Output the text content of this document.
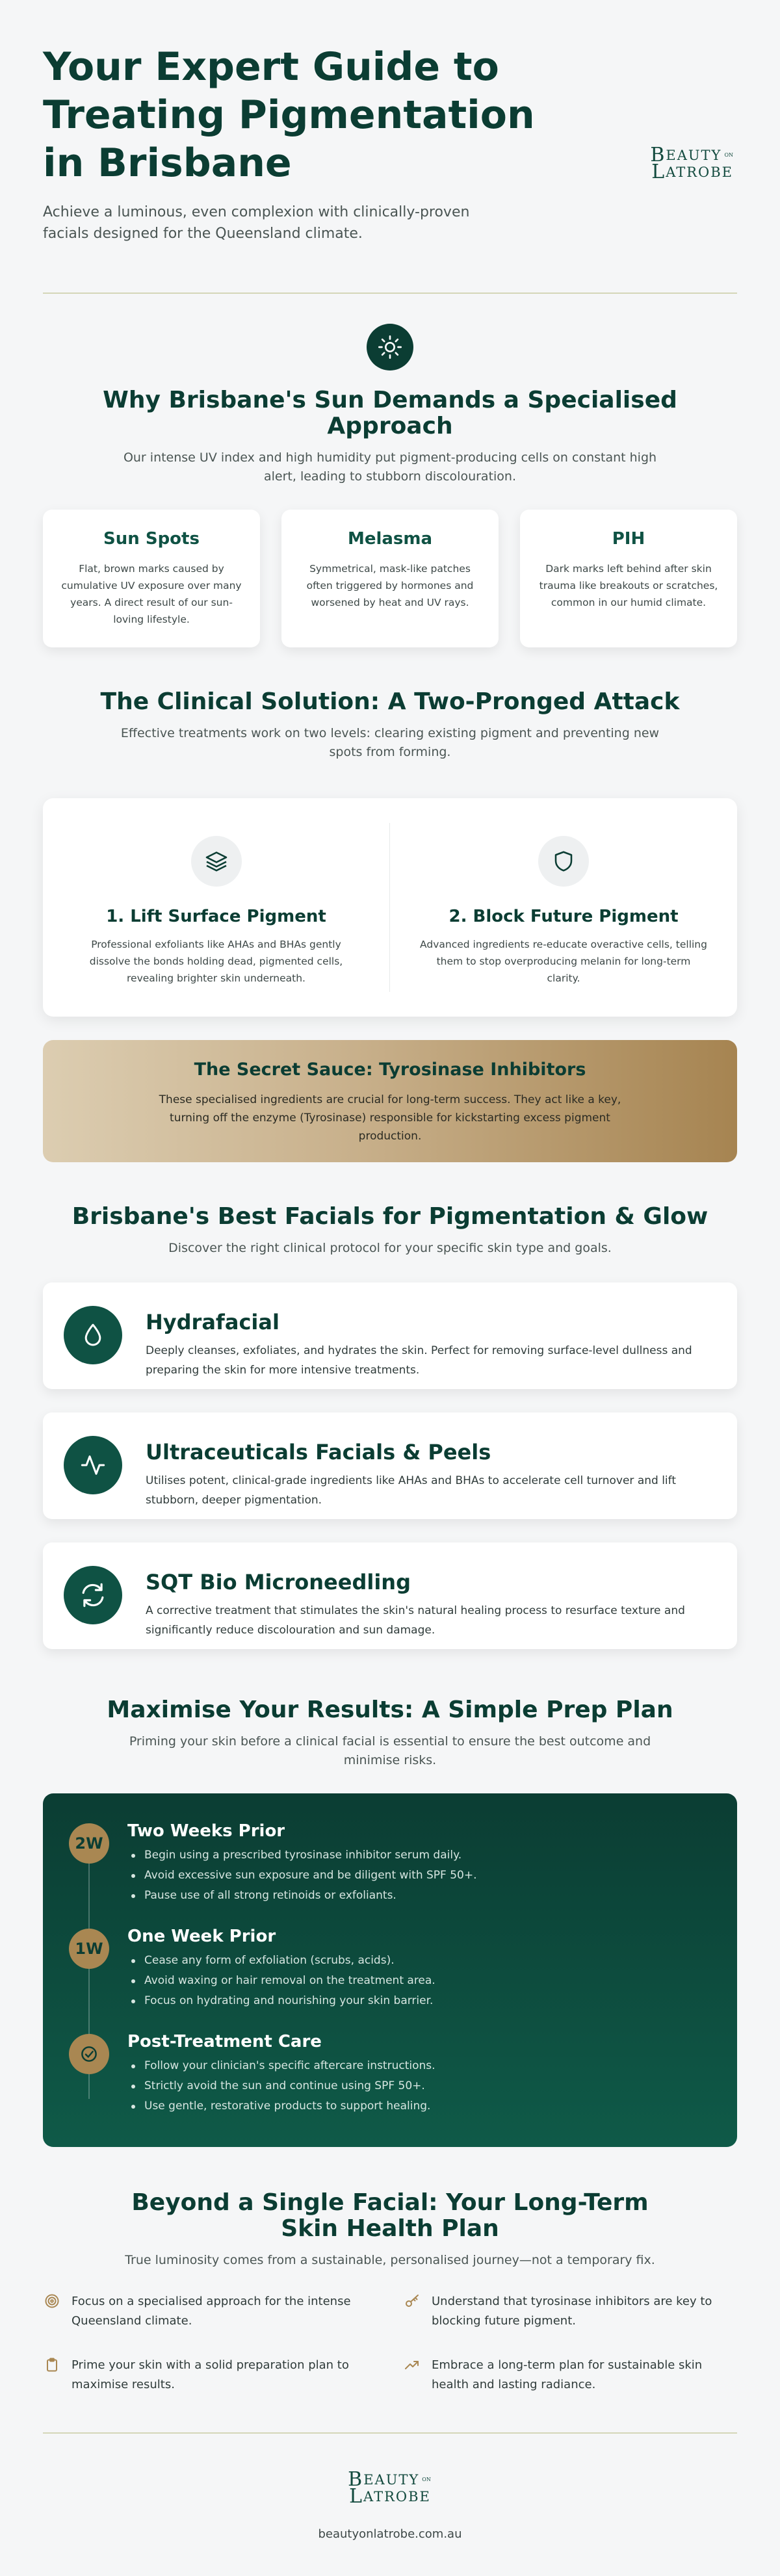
Your Expert Guide to Treating Pigmentation in Brisbane

Achieve a luminous, even complexion with clinically-proven facials designed for the Queensland climate.

B EAUTY ON
L ATROBE
Why Brisbane's Sun Demands a Specialised Approach

Our intense UV index and high humidity put pigment-producing cells on constant high alert, leading to stubborn discolouration.

Sun Spots

Flat, brown marks caused by cumulative UV exposure over many years. A direct result of our sun-loving lifestyle.

Melasma

Symmetrical, mask-like patches often triggered by hormones and worsened by heat and UV rays.

PIH

Dark marks left behind after skin trauma like breakouts or scratches, common in our humid climate.

The Clinical Solution: A Two-Pronged Attack

Effective treatments work on two levels: clearing existing pigment and preventing new spots from forming.

1. Lift Surface Pigment

Professional exfoliants like AHAs and BHAs gently dissolve the bonds holding dead, pigmented cells, revealing brighter skin underneath.

2. Block Future Pigment

Advanced ingredients re-educate overactive cells, telling them to stop overproducing melanin for long-term clarity.

The Secret Sauce: Tyrosinase Inhibitors

These specialised ingredients are crucial for long-term success. They act like a key, turning off the enzyme (Tyrosinase) responsible for kickstarting excess pigment production.

Brisbane's Best Facials for Pigmentation & Glow

Discover the right clinical protocol for your specific skin type and goals.

Hydrafacial

Deeply cleanses, exfoliates, and hydrates the skin. Perfect for removing surface-level dullness and preparing the skin for more intensive treatments.

Ultraceuticals Facials & Peels

Utilises potent, clinical-grade ingredients like AHAs and BHAs to accelerate cell turnover and lift stubborn, deeper pigmentation.

SQT Bio Microneedling

A corrective treatment that stimulates the skin's natural healing process to resurface texture and significantly reduce discolouration and sun damage.

Maximise Your Results: A Simple Prep Plan

Priming your skin before a clinical facial is essential to ensure the best outcome and minimise risks.

2W
Two Weeks Prior
Begin using a prescribed tyrosinase inhibitor serum daily.
Avoid excessive sun exposure and be diligent with SPF 50+.
Pause use of all strong retinoids or exfoliants.
1W
One Week Prior
Cease any form of exfoliation (scrubs, acids).
Avoid waxing or hair removal on the treatment area.
Focus on hydrating and nourishing your skin barrier.
Post-Treatment Care
Follow your clinician's specific aftercare instructions.
Strictly avoid the sun and continue using SPF 50+.
Use gentle, restorative products to support healing.
Beyond a Single Facial: Your Long-Term Skin Health Plan

True luminosity comes from a sustainable, personalised journey—not a temporary fix.

Focus on a specialised approach for the intense Queensland climate.

Understand that tyrosinase inhibitors are key to blocking future pigment.

Prime your skin with a solid preparation plan to maximise results.

Embrace a long-term plan for sustainable skin health and lasting radiance.

B EAUTY ON
L ATROBE

beautyonlatrobe.com.au
